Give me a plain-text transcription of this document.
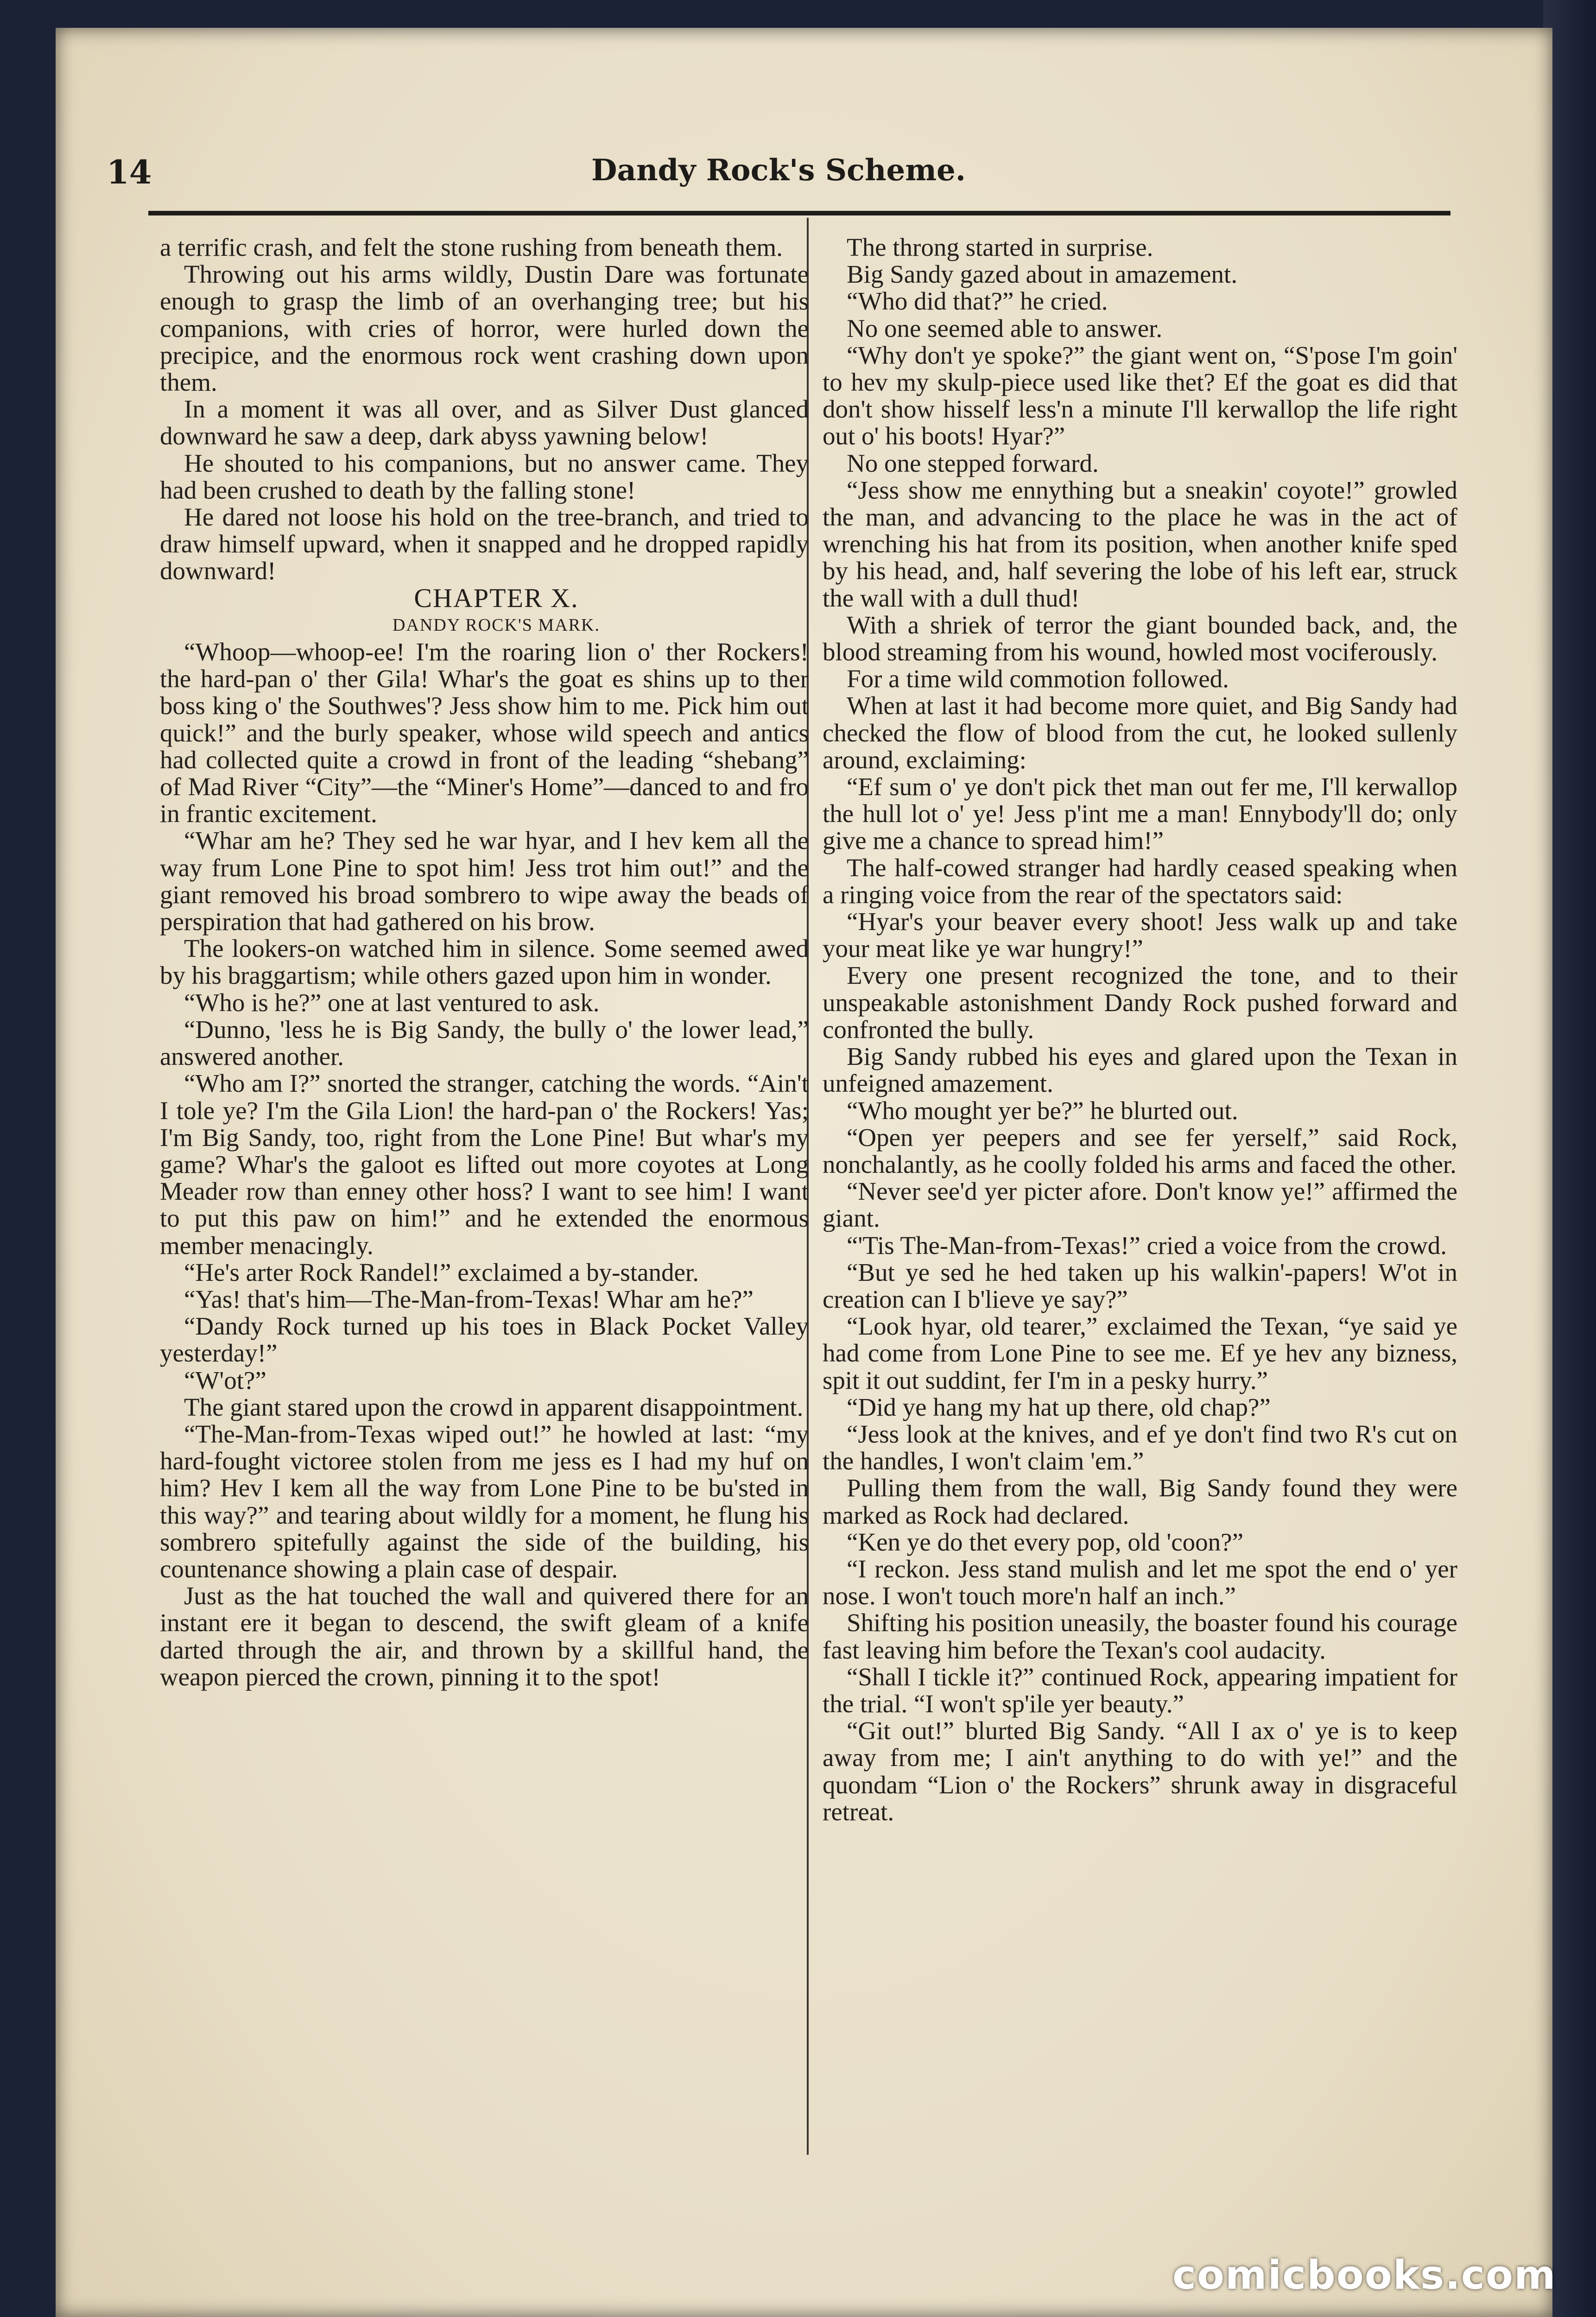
14	Dandy Rock's Scheme.

a terrific crash, and felt the stone rushing from beneath them.

Throwing out his arms wildly, Dustin Dare was fortunate enough to grasp the limb of an overhanging tree; but his companions, with cries of horror, were hurled down the precipice, and the enormous rock went crashing down upon them.

In a moment it was all over, and as Silver Dust glanced downward he saw a deep, dark abyss yawning below!

He shouted to his companions, but no answer came. They had been crushed to death by the falling stone!

He dared not loose his hold on the tree-branch, and tried to draw himself upward, when it snapped and he dropped rapidly downward!

CHAPTER X.

DANDY ROCK'S MARK.

“Whoop—whoop-ee! I'm the roaring lion o' ther Rockers! the hard-pan o' ther Gila! Whar's the goat es shins up to ther boss king o' the Southwes'? Jess show him to me. Pick him out quick!” and the burly speaker, whose wild speech and antics had collected quite a crowd in front of the leading “shebang” of Mad River “City”—the “Miner's Home”—danced to and fro in frantic excitement.

“Whar am he? They sed he war hyar, and I hev kem all the way frum Lone Pine to spot him! Jess trot him out!” and the giant removed his broad sombrero to wipe away the beads of perspiration that had gathered on his brow.

The lookers-on watched him in silence. Some seemed awed by his braggartism; while others gazed upon him in wonder.

“Who is he?” one at last ventured to ask.

“Dunno, 'less he is Big Sandy, the bully o' the lower lead,” answered another.

“Who am I?” snorted the stranger, catching the words. “Ain't I tole ye? I'm the Gila Lion! the hard-pan o' the Rockers! Yas; I'm Big Sandy, too, right from the Lone Pine! But whar's my game? Whar's the galoot es lifted out more coyotes at Long Meader row than enney other hoss? I want to see him! I want to put this paw on him!” and he extended the enormous member menacingly.

“He's arter Rock Randel!” exclaimed a by-stander.

“Yas! that's him—The-Man-from-Texas! Whar am he?”

“Dandy Rock turned up his toes in Black Pocket Valley yesterday!”

“W'ot?”

The giant stared upon the crowd in apparent disappointment.

“The-Man-from-Texas wiped out!” he howled at last: “my hard-fought victoree stolen from me jess es I had my huf on him? Hev I kem all the way from Lone Pine to be bu'sted in this way?” and tearing about wildly for a moment, he flung his sombrero spitefully against the side of the building, his countenance showing a plain case of despair.

Just as the hat touched the wall and quivered there for an instant ere it began to descend, the swift gleam of a knife darted through the air, and thrown by a skillful hand, the weapon pierced the crown, pinning it to the spot!

The throng started in surprise.

Big Sandy gazed about in amazement.

“Who did that?” he cried.

No one seemed able to answer.

“Why don't ye spoke?” the giant went on, “S'pose I'm goin' to hev my skulp-piece used like thet? Ef the goat es did that don't show hisself less'n a minute I'll kerwallop the life right out o' his boots! Hyar?”

No one stepped forward.

“Jess show me ennything but a sneakin' coyote!” growled the man, and advancing to the place he was in the act of wrenching his hat from its position, when another knife sped by his head, and, half severing the lobe of his left ear, struck the wall with a dull thud!

With a shriek of terror the giant bounded back, and, the blood streaming from his wound, howled most vociferously.

For a time wild commotion followed.

When at last it had become more quiet, and Big Sandy had checked the flow of blood from the cut, he looked sullenly around, exclaiming:

“Ef sum o' ye don't pick thet man out fer me, I'll kerwallop the hull lot o' ye! Jess p'int me a man! Ennybody'll do; only give me a chance to spread him!”

The half-cowed stranger had hardly ceased speaking when a ringing voice from the rear of the spectators said:

“Hyar's your beaver every shoot! Jess walk up and take your meat like ye war hungry!”

Every one present recognized the tone, and to their unspeakable astonishment Dandy Rock pushed forward and confronted the bully.

Big Sandy rubbed his eyes and glared upon the Texan in unfeigned amazement.

“Who mought yer be?” he blurted out.

“Open yer peepers and see fer yerself,” said Rock, nonchalantly, as he coolly folded his arms and faced the other.

“Never see'd yer picter afore. Don't know ye!” affirmed the giant.

“'Tis The-Man-from-Texas!” cried a voice from the crowd.

“But ye sed he hed taken up his walkin'-papers! W'ot in creation can I b'lieve ye say?”

“Look hyar, old tearer,” exclaimed the Texan, “ye said ye had come from Lone Pine to see me. Ef ye hev any bizness, spit it out suddint, fer I'm in a pesky hurry.”

“Did ye hang my hat up there, old chap?”

“Jess look at the knives, and ef ye don't find two R's cut on the handles, I won't claim 'em.”

Pulling them from the wall, Big Sandy found they were marked as Rock had declared.

“Ken ye do thet every pop, old 'coon?”

“I reckon. Jess stand mulish and let me spot the end o' yer nose. I won't touch more'n half an inch.”

Shifting his position uneasily, the boaster found his courage fast leaving him before the Texan's cool audacity.

“Shall I tickle it?” continued Rock, appearing impatient for the trial. “I won't sp'ile yer beauty.”

“Git out!” blurted Big Sandy. “All I ax o' ye is to keep away from me; I ain't anything to do with ye!” and the quondam “Lion o' the Rockers” shrunk away in disgraceful retreat.

comicbooks.com
